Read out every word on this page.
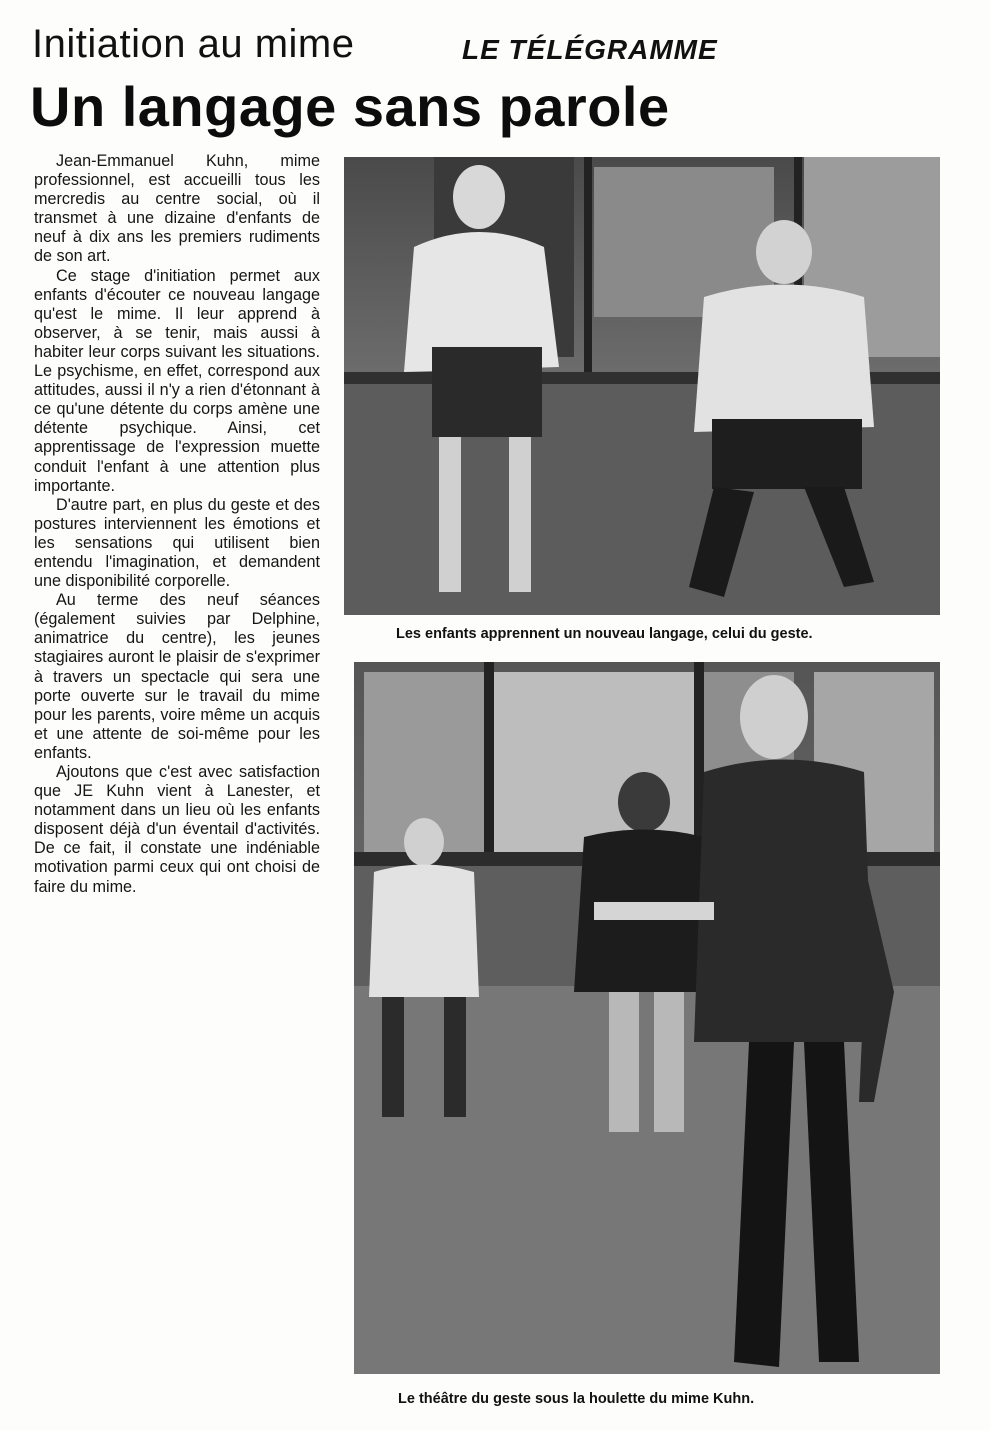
Initiation au mime	LE TÉLÉGRAMME
Un langage sans parole

Jean-Emmanuel Kuhn, mime professionnel, est accueilli tous les mercredis au centre social, où il transmet à une dizaine d'enfants de neuf à dix ans les premiers rudiments de son art.

Ce stage d'initiation permet aux enfants d'écouter ce nouveau langage qu'est le mime. Il leur apprend à observer, à se tenir, mais aussi à habiter leur corps suivant les situations. Le psychisme, en effet, correspond aux attitudes, aussi il n'y a rien d'étonnant à ce qu'une détente du corps amène une détente psychique. Ainsi, cet apprentissage de l'expression muette conduit l'enfant à une attention plus importante.

D'autre part, en plus du geste et des postures interviennent les émotions et les sensations qui utilisent bien entendu l'imagination, et demandent une disponibilité corporelle.

Au terme des neuf séances (également suivies par Delphine, animatrice du centre), les jeunes stagiaires auront le plaisir de s'exprimer à travers un spectacle qui sera une porte ouverte sur le travail du mime pour les parents, voire même un acquis et une attente de soi-même pour les enfants.

Ajoutons que c'est avec satisfaction que JE Kuhn vient à Lanester, et notamment dans un lieu où les enfants disposent déjà d'un éventail d'activités. De ce fait, il constate une indéniable motivation parmi ceux qui ont choisi de faire du mime.

Les enfants apprennent un nouveau langage, celui du geste.
Le théâtre du geste sous la houlette du mime Kuhn.
